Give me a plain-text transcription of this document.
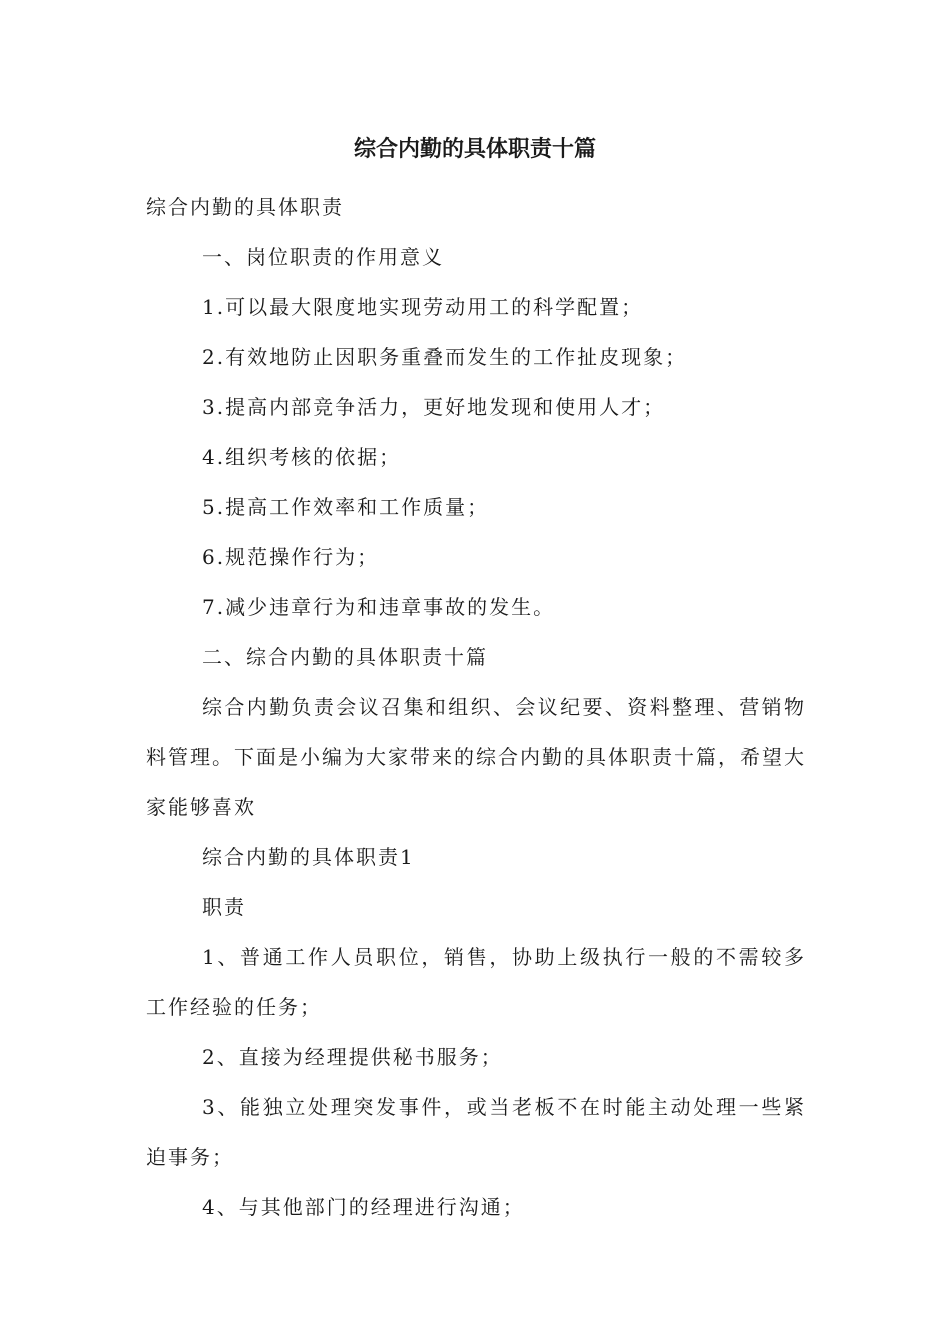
综合内勤的具体职责十篇

综合内勤的具体职责

一、岗位职责的作用意义

1.可以最大限度地实现劳动用工的科学配置；

2.有效地防止因职务重叠而发生的工作扯皮现象；

3.提高内部竞争活力，更好地发现和使用人才；

4.组织考核的依据；

5.提高工作效率和工作质量；

6.规范操作行为；

7.减少违章行为和违章事故的发生。

二、综合内勤的具体职责十篇

综合内勤负责会议召集和组织、会议纪要、资料整理、营销物料管理。下面是小编为大家带来的综合内勤的具体职责十篇，希望大家能够喜欢

综合内勤的具体职责1

职责

1、普通工作人员职位，销售，协助上级执行一般的不需较多工作经验的任务；

2、直接为经理提供秘书服务；

3、能独立处理突发事件，或当老板不在时能主动处理一些紧迫事务；

4、与其他部门的经理进行沟通；
